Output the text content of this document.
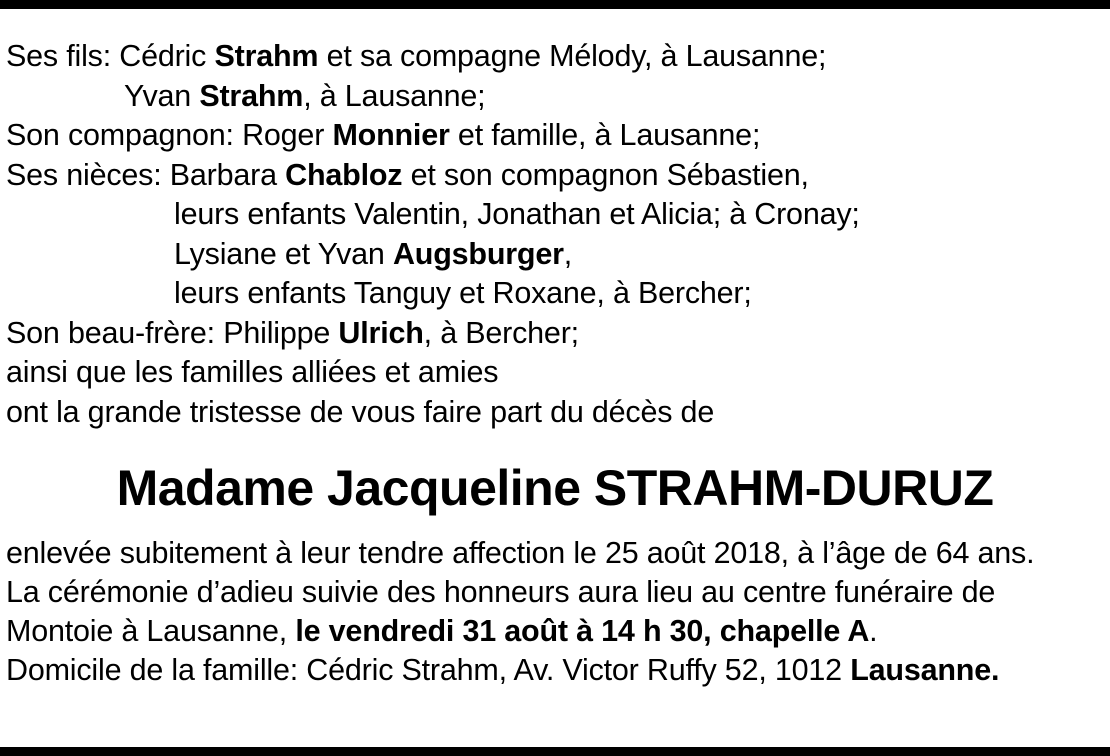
Ses fils: Cédric Strahm et sa compagne Mélody, à Lausanne;
Yvan Strahm, à Lausanne;
Son compagnon: Roger Monnier et famille, à Lausanne;
Ses nièces: Barbara Chabloz et son compagnon Sébastien,
leurs enfants Valentin, Jonathan et Alicia; à Cronay;
Lysiane et Yvan Augsburger,
leurs enfants Tanguy et Roxane, à Bercher;
Son beau-frère: Philippe Ulrich, à Bercher;
ainsi que les familles alliées et amies
ont la grande tristesse de vous faire part du décès de
Madame Jacqueline STRAHM-DURUZ
enlevée subitement à leur tendre affection le 25 août 2018, à l’âge de 64 ans.
La cérémonie d’adieu suivie des honneurs aura lieu au centre funéraire de
Montoie à Lausanne, le vendredi 31 août à 14 h 30, chapelle A.
Domicile de la famille: Cédric Strahm, Av. Victor Ruffy 52, 1012 Lausanne.
